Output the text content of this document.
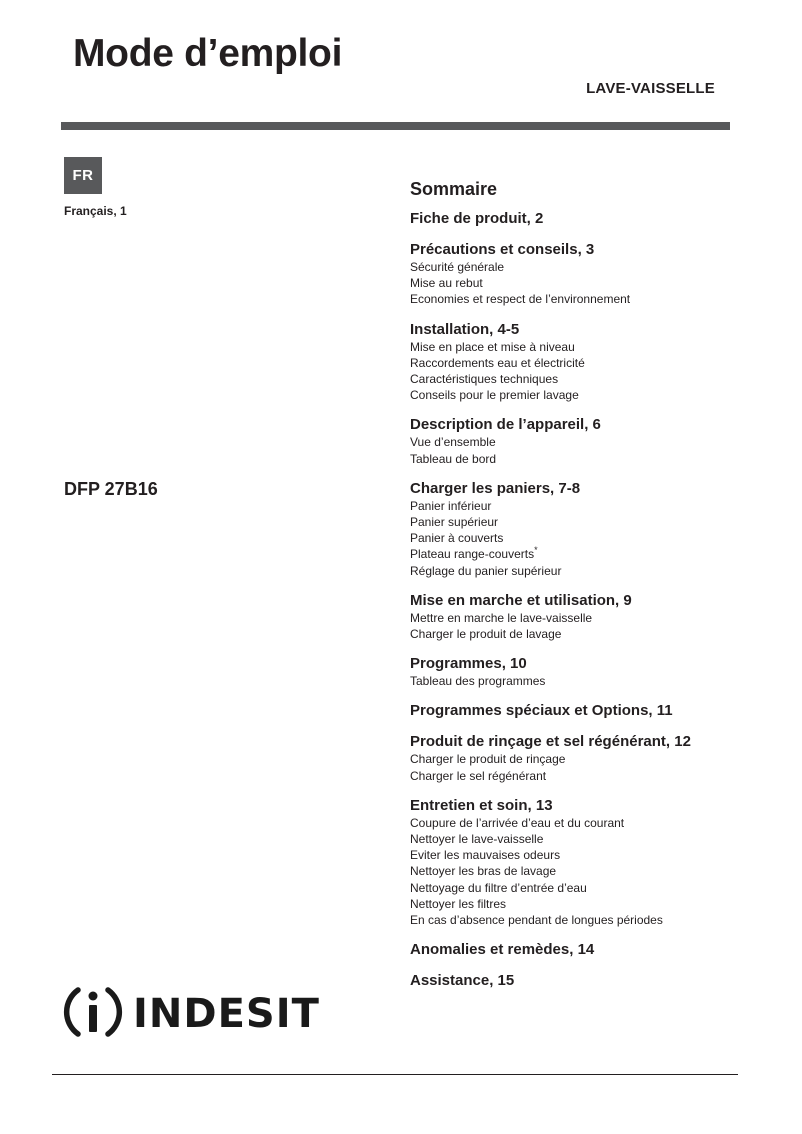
Mode d’emploi
LAVE-VAISSELLE
FR
Français, 1
DFP 27B16
INDESIT
Sommaire
Fiche de produit, 2
Précautions et conseils, 3
Sécurité générale
Mise au rebut
Economies et respect de l’environnement
Installation, 4-5
Mise en place et mise à niveau
Raccordements eau et électricité
Caractéristiques techniques
Conseils pour le premier lavage
Description de l’appareil, 6
Vue d’ensemble
Tableau de bord
Charger les paniers, 7-8
Panier inférieur
Panier supérieur
Panier à couverts
Plateau range-couverts*
Réglage du panier supérieur
Mise en marche et utilisation, 9
Mettre en marche le lave-vaisselle
Charger le produit de lavage
Programmes, 10
Tableau des programmes
Programmes spéciaux et Options, 11
Produit de rinçage et sel régénérant, 12
Charger le produit de rinçage
Charger le sel régénérant
Entretien et soin, 13
Coupure de l’arrivée d’eau et du courant
Nettoyer le lave-vaisselle
Eviter les mauvaises odeurs
Nettoyer les bras de lavage
Nettoyage du filtre d’entrée d’eau
Nettoyer les filtres
En cas d’absence pendant de longues périodes
Anomalies et remèdes, 14
Assistance, 15
